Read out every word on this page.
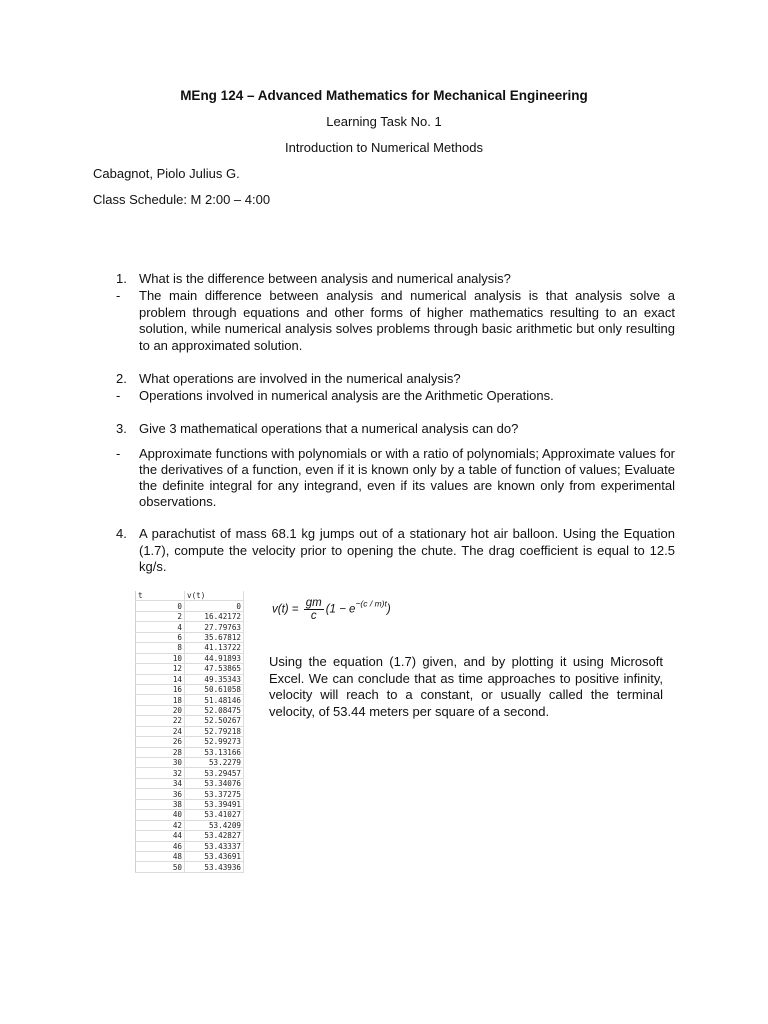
MEng 124 – Advanced Mathematics for Mechanical Engineering
Learning Task No. 1
Introduction to Numerical Methods
Cabagnot, Piolo Julius G.
Class Schedule: M 2:00 – 4:00
1. What is the difference between analysis and numerical analysis?
- The main difference between analysis and numerical analysis is that analysis solve a problem through equations and other forms of higher mathematics resulting to an exact solution, while numerical analysis solves problems through basic arithmetic but only resulting to an approximated solution.
2. What operations are involved in the numerical analysis?
- Operations involved in numerical analysis are the Arithmetic Operations.
3. Give 3 mathematical operations that a numerical analysis can do?
- Approximate functions with polynomials or with a ratio of polynomials; Approximate values for the derivatives of a function, even if it is known only by a table of function of values; Evaluate the definite integral for any integrand, even if its values are known only from experimental observations.
4. A parachutist of mass 68.1 kg jumps out of a stationary hot air balloon. Using the Equation (1.7), compute the velocity prior to opening the chute. The drag coefficient is equal to 12.5 kg/s.
t	v(t)
0	0
2	16.42172
4	27.79763
6	35.67812
8	41.13722
10	44.91893
12	47.53865
14	49.35343
16	50.61058
18	51.48146
20	52.08475
22	52.50267
24	52.79218
26	52.99273
28	53.13166
30	53.2279
32	53.29457
34	53.34076
36	53.37275
38	53.39491
40	53.41027
42	53.4209
44	53.42827
46	53.43337
48	53.43691
50	53.43936
$v(t) = \frac{gm}{c} (1 - e^{-(c / m)t})$
Using the equation (1.7) given, and by plotting it using Microsoft Excel. We can conclude that as time approaches to positive infinity, velocity will reach to a constant, or usually called the terminal velocity, of 53.44 meters per square of a second.
